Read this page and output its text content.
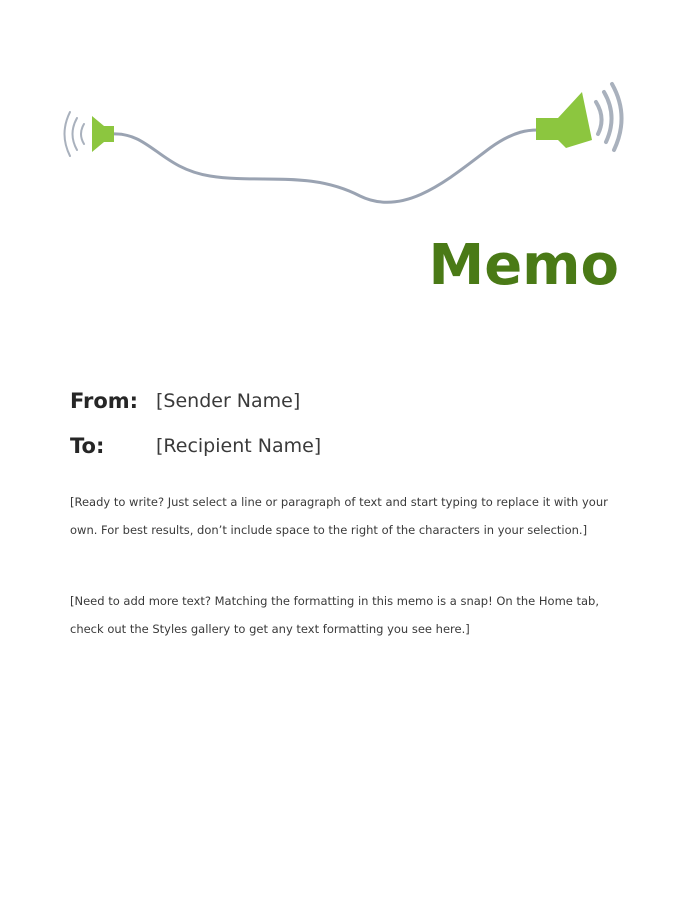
Memo
From: [Sender Name]
To:	[Recipient Name]

[Ready to write? Just select a line or paragraph of text and start typing to replace it with your own. For best results, don’t include space to the right of the characters in your selection.]

[Need to add more text? Matching the formatting in this memo is a snap! On the Home tab, check out the Styles gallery to get any text formatting you see here.]
